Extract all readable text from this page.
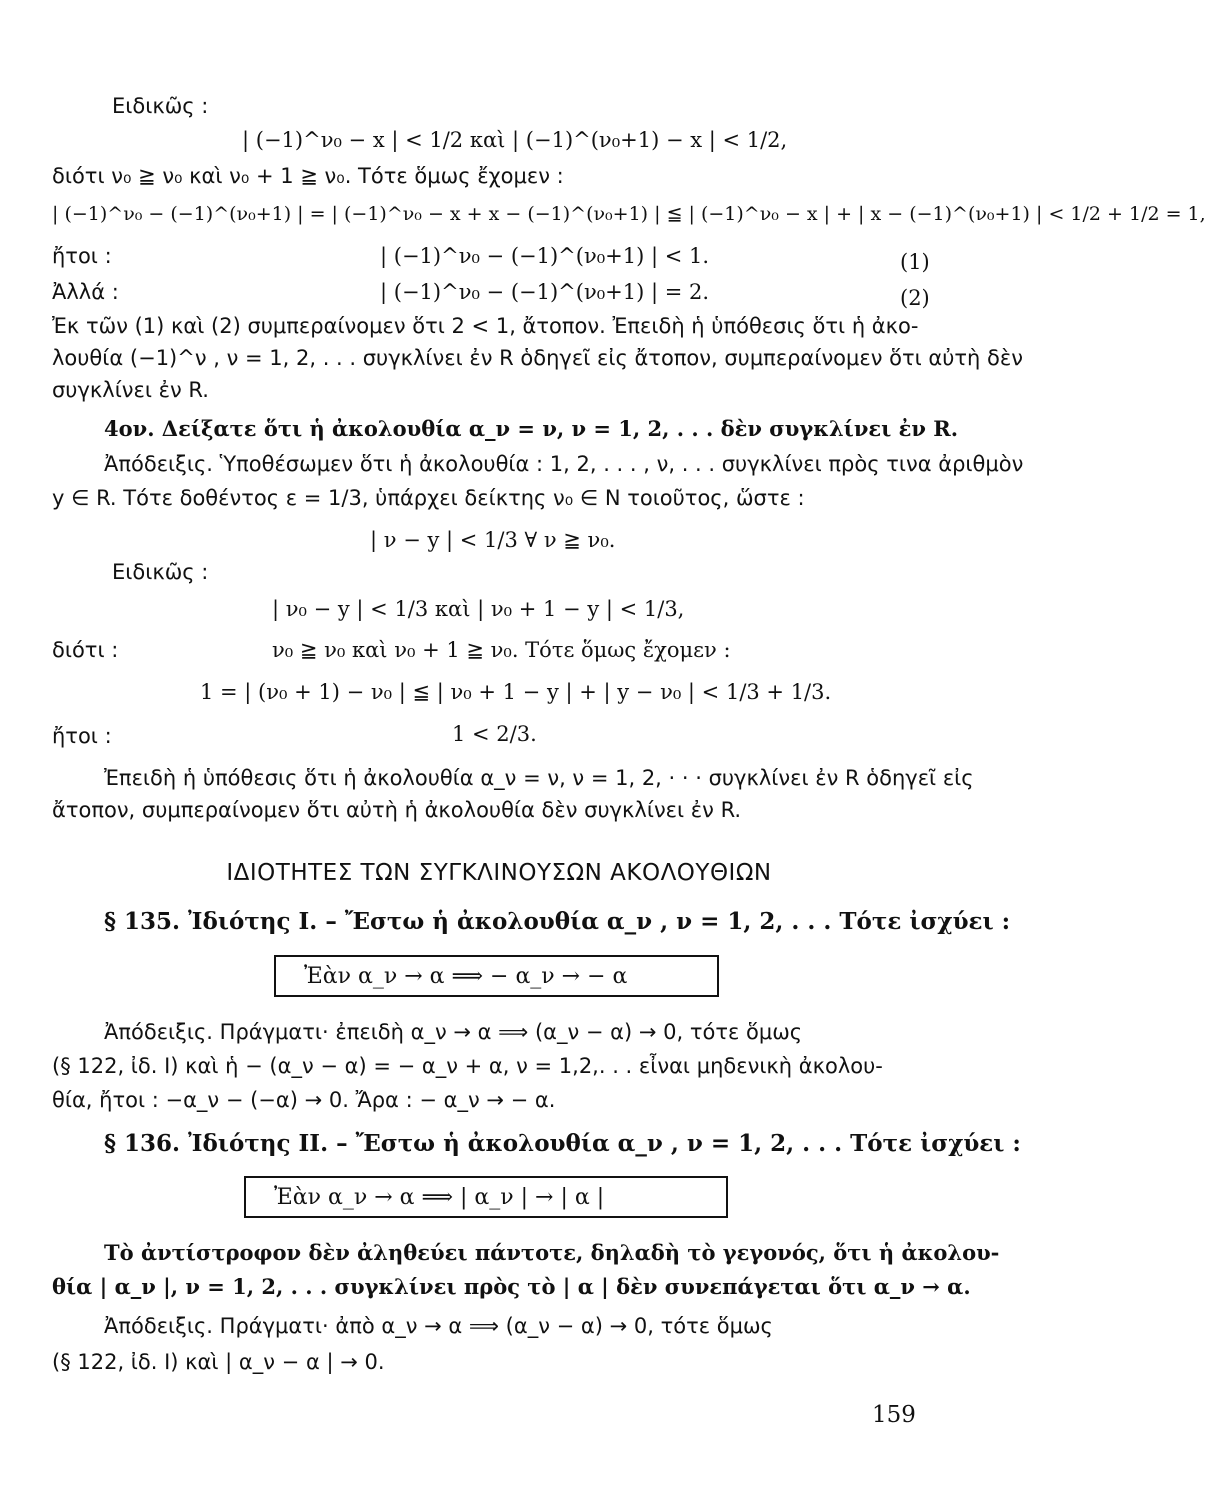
Ειδικῶς :
| (−1)^ν₀ − x | < 1/2 καὶ | (−1)^(ν₀+1) − x | < 1/2,
διότι ν₀ ≧ ν₀ καὶ ν₀ + 1 ≧ ν₀. Τότε ὅμως ἔχομεν :
| (−1)^ν₀ − (−1)^(ν₀+1) | = | (−1)^ν₀ − x + x − (−1)^(ν₀+1) | ≦ | (−1)^ν₀ − x | + | x − (−1)^(ν₀+1) | < 1/2 + 1/2 = 1,
ἤτοι :	| (−1)^ν₀ − (−1)^(ν₀+1) | < 1.	(1)
Ἀλλά :	| (−1)^ν₀ − (−1)^(ν₀+1) | = 2.	(2)
Ἐκ τῶν (1) καὶ (2) συμπεραίνομεν ὅτι 2 < 1, ἄτοπον. Ἐπειδὴ ἡ ὑπόθεσις ὅτι ἡ ἀκο-
λουθία (−1)^ν , ν = 1, 2, . . . συγκλίνει ἐν R ὁδηγεῖ εἰς ἄτοπον, συμπεραίνομεν ὅτι αὐτὴ δὲν
συγκλίνει ἐν R.
4ον. Δείξατε ὅτι ἡ ἀκολουθία α_ν = ν, ν = 1, 2, . . . δὲν συγκλίνει ἐν R.
Ἀπόδειξις. Ὑποθέσωμεν ὅτι ἡ ἀκολουθία : 1, 2, . . . , ν, . . . συγκλίνει πρὸς τινα ἀριθμὸν
y ∈ R. Τότε δοθέντος ε = 1/3, ὑπάρχει δείκτης ν₀ ∈ N τοιοῦτος, ὥστε :
| ν − y | < 1/3 ∀ ν ≧ ν₀.
Ειδικῶς :
| ν₀ − y | < 1/3 καὶ | ν₀ + 1 − y | < 1/3,
διότι :	ν₀ ≧ ν₀ καὶ ν₀ + 1 ≧ ν₀. Τότε ὅμως ἔχομεν :
1 = | (ν₀ + 1) − ν₀ | ≦ | ν₀ + 1 − y | + | y − ν₀ | < 1/3 + 1/3.
ἤτοι :	1 < 2/3.
Ἐπειδὴ ἡ ὑπόθεσις ὅτι ἡ ἀκολουθία α_ν = ν, ν = 1, 2, · · · συγκλίνει ἐν R ὁδηγεῖ εἰς
ἄτοπον, συμπεραίνομεν ὅτι αὐτὴ ἡ ἀκολουθία δὲν συγκλίνει ἐν R.
ΙΔΙΟΤΗΤΕΣ ΤΩΝ ΣΥΓΚΛΙΝΟΥΣΩΝ ΑΚΟΛΟΥΘΙΩΝ
§ 135. Ἰδιότης Ι. – Ἔστω ἡ ἀκολουθία α_ν , ν = 1, 2, . . . Τότε ἰσχύει :
Ἐὰν α_ν → α ⟹ − α_ν → − α
Ἀπόδειξις. Πράγματι· ἐπειδὴ α_ν → α ⟹ (α_ν − α) → 0, τότε ὅμως
(§ 122, ἰδ. Ι) καὶ ἡ − (α_ν − α) = − α_ν + α, ν = 1,2,. . . εἶναι μηδενικὴ ἀκολου-
θία, ἤτοι : −α_ν − (−α) → 0. Ἄρα : − α_ν → − α.
§ 136. Ἰδιότης ΙΙ. – Ἔστω ἡ ἀκολουθία α_ν , ν = 1, 2, . . . Τότε ἰσχύει :
Ἐὰν α_ν → α ⟹ | α_ν | → | α |
Τὸ ἀντίστροφον δὲν ἀληθεύει πάντοτε, δηλαδὴ τὸ γεγονός, ὅτι ἡ ἀκολου-
θία | α_ν |, ν = 1, 2, . . . συγκλίνει πρὸς τὸ | α | δὲν συνεπάγεται ὅτι α_ν → α.
Ἀπόδειξις. Πράγματι· ἀπὸ α_ν → α ⟹ (α_ν − α) → 0, τότε ὅμως
(§ 122, ἰδ. Ι) καὶ | α_ν − α | → 0.
159
